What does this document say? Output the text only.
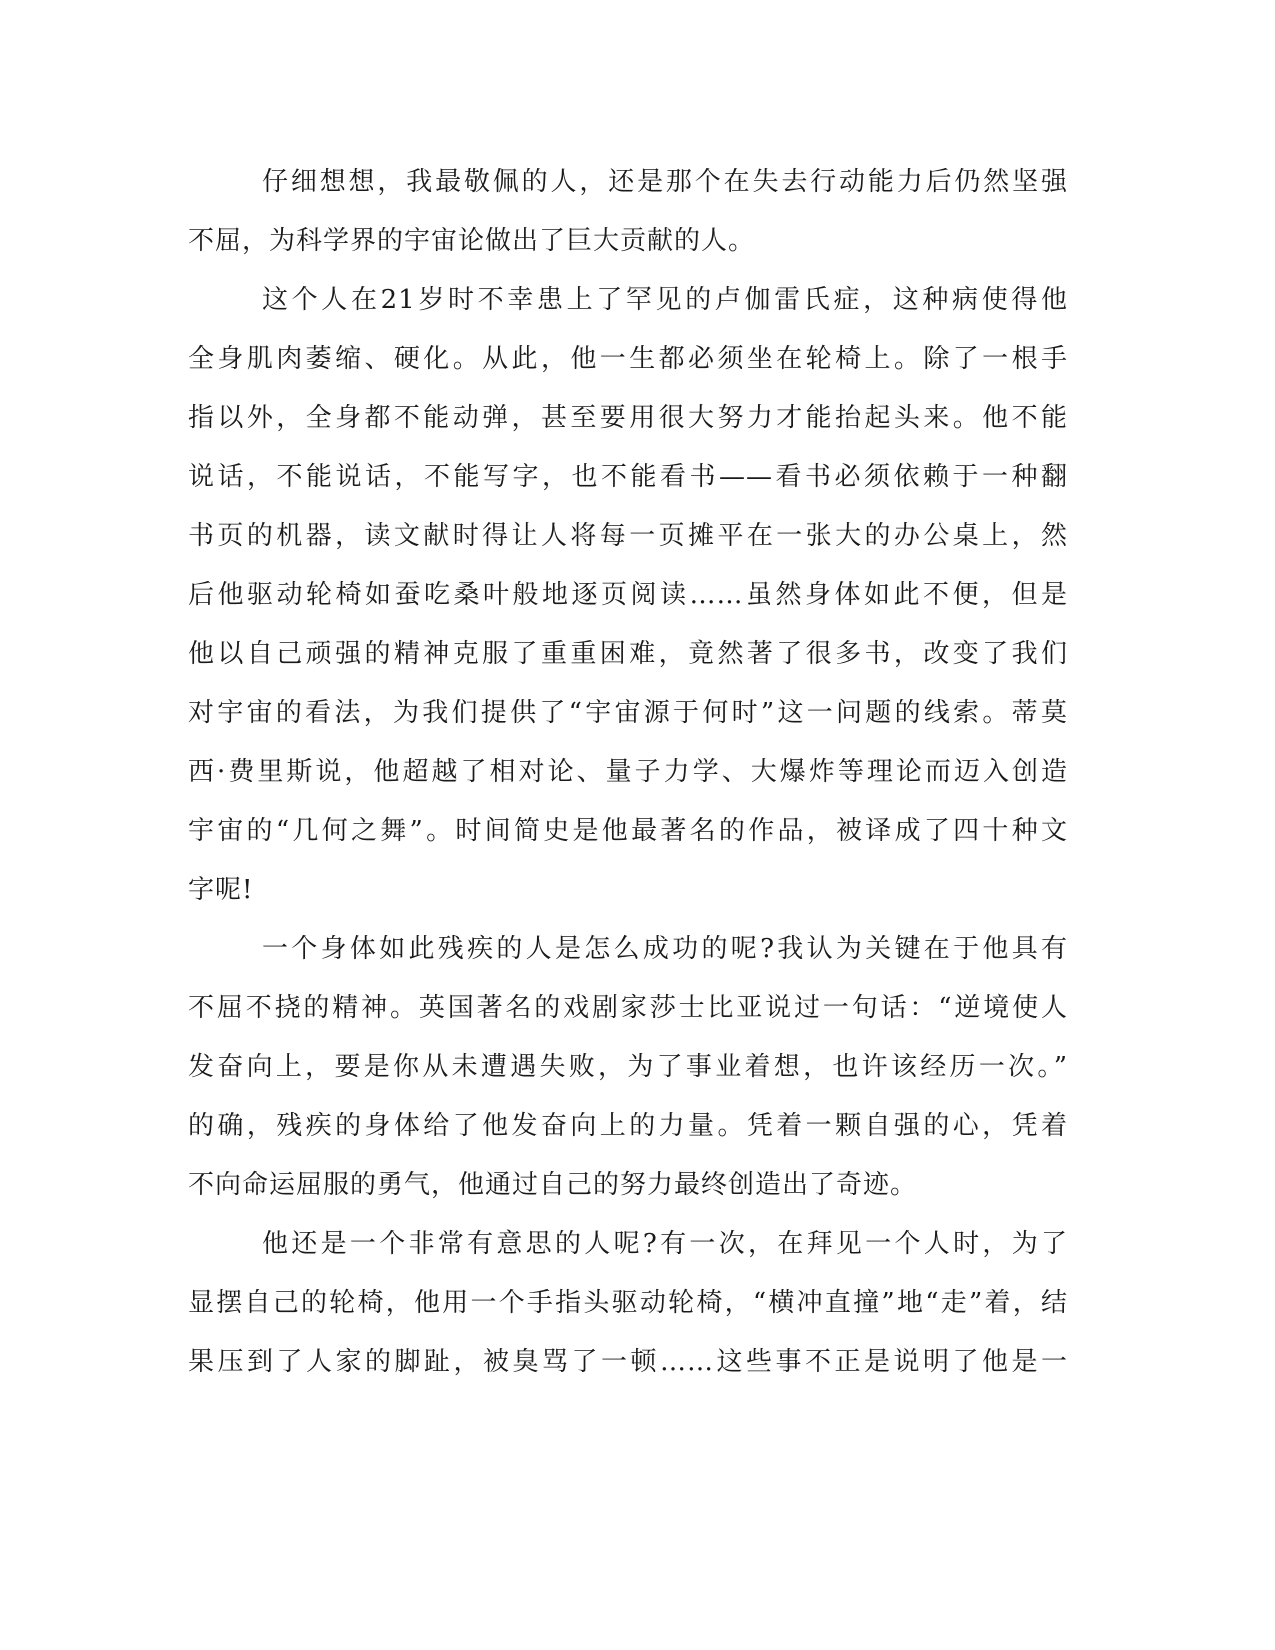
仔细想想，我最敬佩的人，还是那个在失去行动能力后仍然坚强

不屈，为科学界的宇宙论做出了巨大贡献的人。

这个人在21岁时不幸患上了罕见的卢伽雷氏症，这种病使得他

全身肌肉萎缩、硬化。从此，他一生都必须坐在轮椅上。除了一根手

指以外，全身都不能动弹，甚至要用很大努力才能抬起头来。他不能

说话，不能说话，不能写字，也不能看书——看书必须依赖于一种翻

书页的机器，读文献时得让人将每一页摊平在一张大的办公桌上，然

后他驱动轮椅如蚕吃桑叶般地逐页阅读……虽然身体如此不便，但是

他以自己顽强的精神克服了重重困难，竟然著了很多书，改变了我们

对宇宙的看法，为我们提供了“宇宙源于何时”这一问题的线索。蒂莫

西·费里斯说，他超越了相对论、量子力学、大爆炸等理论而迈入创造

宇宙的“几何之舞”。时间简史是他最著名的作品，被译成了四十种文

字呢!

一个身体如此残疾的人是怎么成功的呢?我认为关键在于他具有

不屈不挠的精神。英国著名的戏剧家莎士比亚说过一句话：“逆境使人

发奋向上，要是你从未遭遇失败，为了事业着想，也许该经历一次。”

的确，残疾的身体给了他发奋向上的力量。凭着一颗自强的心，凭着

不向命运屈服的勇气，他通过自己的努力最终创造出了奇迹。

他还是一个非常有意思的人呢?有一次，在拜见一个人时，为了

显摆自己的轮椅，他用一个手指头驱动轮椅，“横冲直撞”地“走”着，结

果压到了人家的脚趾，被臭骂了一顿……这些事不正是说明了他是一
